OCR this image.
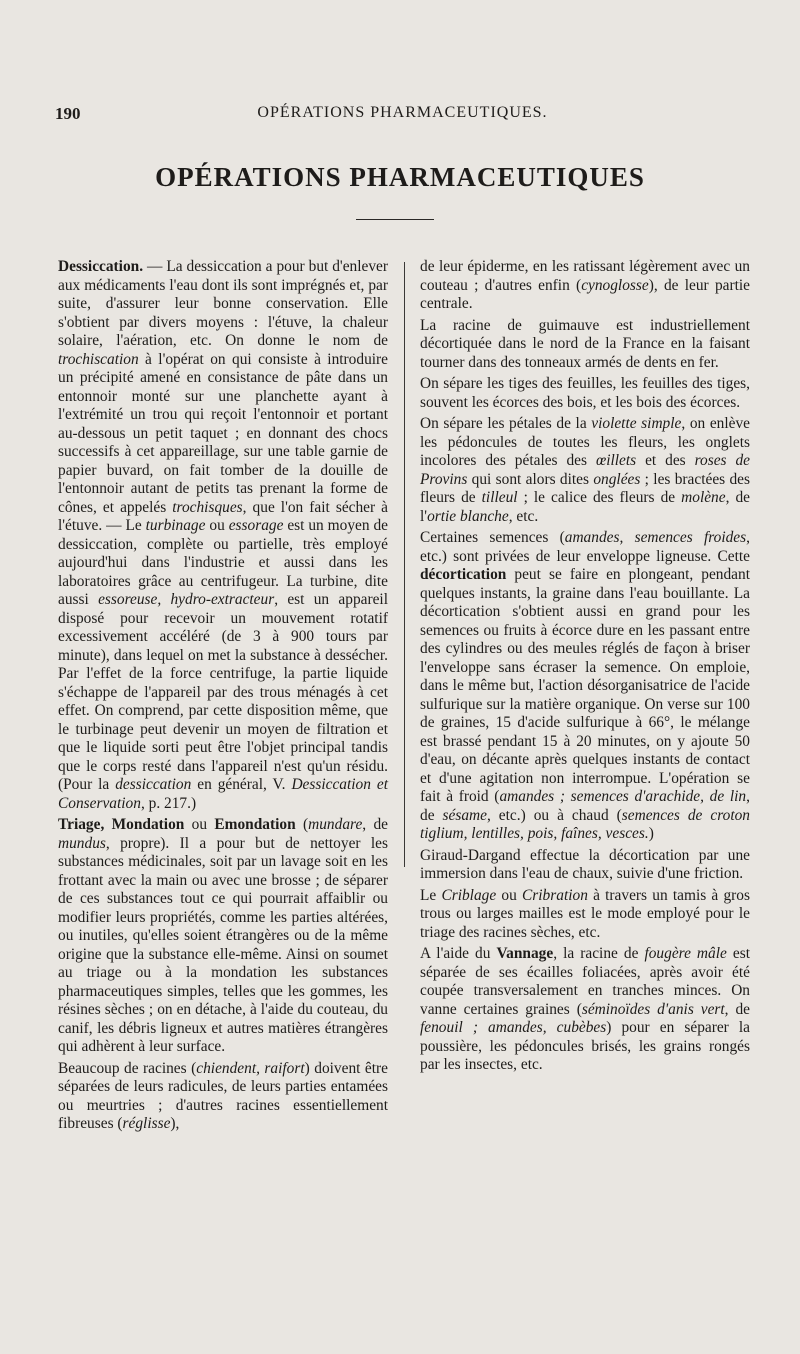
190	OPÉRATIONS PHARMACEUTIQUES.
OPÉRATIONS PHARMACEUTIQUES

Dessiccation. — La dessiccation a pour but d'enlever aux médicaments l'eau dont ils sont imprégnés et, par suite, d'assurer leur bonne conservation. Elle s'obtient par divers moyens : l'étuve, la chaleur solaire, l'aération, etc. On donne le nom de trochiscation à l'opérat on qui consiste à introduire un précipité amené en consistance de pâte dans un entonnoir monté sur une planchette ayant à l'extrémité un trou qui reçoit l'entonnoir et portant au-dessous un petit taquet ; en donnant des chocs successifs à cet appareillage, sur une table garnie de papier buvard, on fait tomber de la douille de l'entonnoir autant de petits tas prenant la forme de cônes, et appelés trochisques, que l'on fait sécher à l'étuve. — Le turbinage ou essorage est un moyen de dessiccation, complète ou partielle, très employé aujourd'hui dans l'industrie et aussi dans les laboratoires grâce au centrifugeur. La turbine, dite aussi essoreuse, hydro-extracteur, est un appareil disposé pour recevoir un mouvement rotatif excessivement accéléré (de 3 à 900 tours par minute), dans lequel on met la substance à dessécher. Par l'effet de la force centrifuge, la partie liquide s'échappe de l'appareil par des trous ménagés à cet effet. On comprend, par cette disposition même, que le turbinage peut devenir un moyen de filtration et que le liquide sorti peut être l'objet principal tandis que le corps resté dans l'appareil n'est qu'un résidu. (Pour la dessiccation en général, V. Dessiccation et Conservation, p. 217.)

Triage, Mondation ou Emondation (mundare, de mundus, propre). Il a pour but de nettoyer les substances médicinales, soit par un lavage soit en les frottant avec la main ou avec une brosse ; de séparer de ces substances tout ce qui pourrait affaiblir ou modifier leurs propriétés, comme les parties altérées, ou inutiles, qu'elles soient étrangères ou de la même origine que la substance elle-même. Ainsi on soumet au triage ou à la mondation les substances pharmaceutiques simples, telles que les gommes, les résines sèches ; on en détache, à l'aide du couteau, du canif, les débris ligneux et autres matières étrangères qui adhèrent à leur surface.

Beaucoup de racines (chiendent, raifort) doivent être séparées de leurs radicules, de leurs parties entamées ou meurtries ; d'autres racines essentiellement fibreuses (réglisse),

de leur épiderme, en les ratissant légèrement avec un couteau ; d'autres enfin (cynoglosse), de leur partie centrale.

La racine de guimauve est industriellement décortiquée dans le nord de la France en la faisant tourner dans des tonneaux armés de dents en fer.

On sépare les tiges des feuilles, les feuilles des tiges, souvent les écorces des bois, et les bois des écorces.

On sépare les pétales de la violette simple, on enlève les pédoncules de toutes les fleurs, les onglets incolores des pétales des œillets et des roses de Provins qui sont alors dites onglées ; les bractées des fleurs de tilleul ; le calice des fleurs de molène, de l'ortie blanche, etc.

Certaines semences (amandes, semences froides, etc.) sont privées de leur enveloppe ligneuse. Cette décortication peut se faire en plongeant, pendant quelques instants, la graine dans l'eau bouillante. La décortication s'obtient aussi en grand pour les semences ou fruits à écorce dure en les passant entre des cylindres ou des meules réglés de façon à briser l'enveloppe sans écraser la semence. On emploie, dans le même but, l'action désorganisatrice de l'acide sulfurique sur la matière organique. On verse sur 100 de graines, 15 d'acide sulfurique à 66°, le mélange est brassé pendant 15 à 20 minutes, on y ajoute 50 d'eau, on décante après quelques instants de contact et d'une agitation non interrompue. L'opération se fait à froid (amandes ; semences d'arachide, de lin, de sésame, etc.) ou à chaud (semences de croton tiglium, lentilles, pois, faînes, vesces.)

Giraud-Dargand effectue la décortication par une immersion dans l'eau de chaux, suivie d'une friction.

Le Criblage ou Cribration à travers un tamis à gros trous ou larges mailles est le mode employé pour le triage des racines sèches, etc.

A l'aide du Vannage, la racine de fougère mâle est séparée de ses écailles foliacées, après avoir été coupée transversalement en tranches minces. On vanne certaines graines (séminoïdes d'anis vert, de fenouil ; amandes, cubèbes) pour en séparer la poussière, les pédoncules brisés, les grains rongés par les insectes, etc.
